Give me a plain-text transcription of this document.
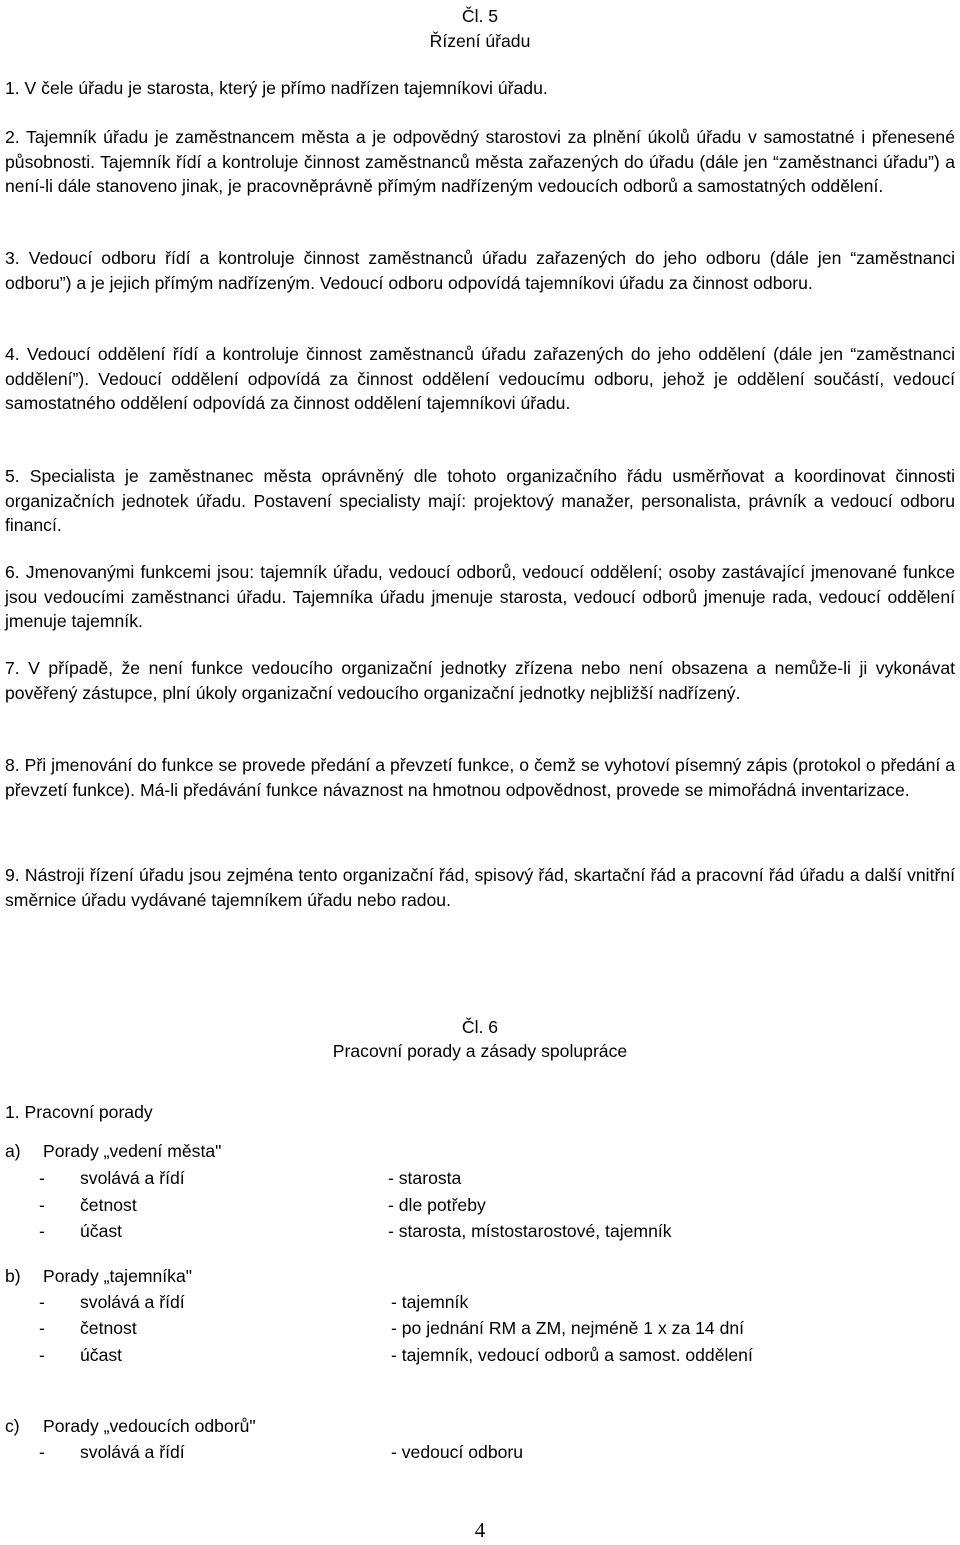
Čl. 5
Řízení úřadu

1. V čele úřadu je starosta, který je přímo nadřízen tajemníkovi úřadu.

2. Tajemník úřadu je zaměstnancem města a je odpovědný starostovi za plnění úkolů úřadu v samostatné i přenesené působnosti. Tajemník řídí a kontroluje činnost zaměstnanců města zařazených do úřadu (dále jen “zaměstnanci úřadu”) a není-li dále stanoveno jinak, je pracovněprávně přímým nadřízeným vedoucích odborů a samostatných oddělení.

3. Vedoucí odboru řídí a kontroluje činnost zaměstnanců úřadu zařazených do jeho odboru (dále jen “zaměstnanci odboru”) a je jejich přímým nadřízeným. Vedoucí odboru odpovídá tajemníkovi úřadu za činnost odboru.

4. Vedoucí oddělení řídí a kontroluje činnost zaměstnanců úřadu zařazených do jeho oddělení (dále jen “zaměstnanci oddělení”). Vedoucí oddělení odpovídá za činnost oddělení vedoucímu odboru, jehož je oddělení součástí, vedoucí samostatného oddělení odpovídá za činnost oddělení tajemníkovi úřadu.

5. Specialista je zaměstnanec města oprávněný dle tohoto organizačního řádu usměrňovat a koordinovat činnosti organizačních jednotek úřadu. Postavení specialisty mají: projektový manažer, personalista, právník a vedoucí odboru financí.

6. Jmenovanými funkcemi jsou: tajemník úřadu, vedoucí odborů, vedoucí oddělení; osoby zastávající jmenované funkce jsou vedoucími zaměstnanci úřadu. Tajemníka úřadu jmenuje starosta, vedoucí odborů jmenuje rada, vedoucí oddělení jmenuje tajemník.

7. V případě, že není funkce vedoucího organizační jednotky zřízena nebo není obsazena a nemůže-li ji vykonávat pověřený zástupce, plní úkoly organizační vedoucího organizační jednotky nejbližší nadřízený.

8. Při jmenování do funkce se provede předání a převzetí funkce, o čemž se vyhotoví písemný zápis (protokol o předání a převzetí funkce). Má-li předávání funkce návaznost na hmotnou odpovědnost, provede se mimořádná inventarizace.

9. Nástroji řízení úřadu jsou zejména tento organizační řád, spisový řád, skartační řád a pracovní řád úřadu a další vnitřní směrnice úřadu vydávané tajemníkem úřadu nebo radou.

Čl. 6
Pracovní porady a zásady spolupráce
1. Pracovní porady
a) Porady „vedení města"
- svolává a řídí	- starosta
- četnost	- dle potřeby
- účast	- starosta, místostarostové, tajemník
b) Porady „tajemníka"
- svolává a řídí	- tajemník
- četnost	- po jednání RM a ZM, nejméně 1 x za 14 dní
- účast	- tajemník, vedoucí odborů a samost. oddělení
c) Porady „vedoucích odborů"
- svolává a řídí	- vedoucí odboru
4
